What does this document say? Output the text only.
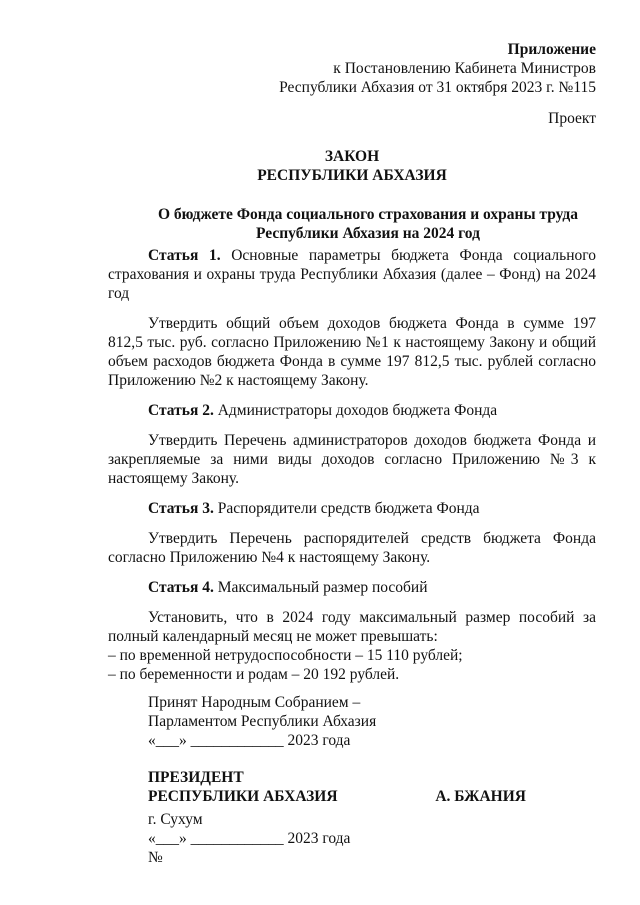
Приложение

к Постановлению Кабинета Министров

Республики Абхазия от 31 октября 2023 г. №115

Проект

ЗАКОН

РЕСПУБЛИКИ АБХАЗИЯ

О бюджете Фонда социального страхования и охраны труда

Республики Абхазия на 2024 год

Статья 1. Основные параметры бюджета Фонда социального страхования и охраны труда Республики Абхазия (далее – Фонд) на 2024 год

Утвердить общий объем доходов бюджета Фонда в сумме 197 812,5 тыс. руб. согласно Приложению №1 к настоящему Закону и общий объем расходов бюджета Фонда в сумме 197 812,5 тыс. рублей согласно Приложению №2 к настоящему Закону.

Статья 2. Администраторы доходов бюджета Фонда

Утвердить Перечень администраторов доходов бюджета Фонда и закрепляемые за ними виды доходов согласно Приложению №3 к настоящему Закону.

Статья 3. Распорядители средств бюджета Фонда

Утвердить Перечень распорядителей средств бюджета Фонда согласно Приложению №4 к настоящему Закону.

Статья 4. Максимальный размер пособий

Установить, что в 2024 году максимальный размер пособий за полный календарный месяц не может превышать:

– по временной нетрудоспособности – 15 110 рублей;

– по беременности и родам – 20 192 рублей.

Принят Народным Собранием –

Парламентом Республики Абхазия

«___» ____________ 2023 года

ПРЕЗИДЕНТ

РЕСПУБЛИКИ АБХАЗИЯ	А. БЖАНИЯ

г. Сухум

«___» ____________ 2023 года

№
